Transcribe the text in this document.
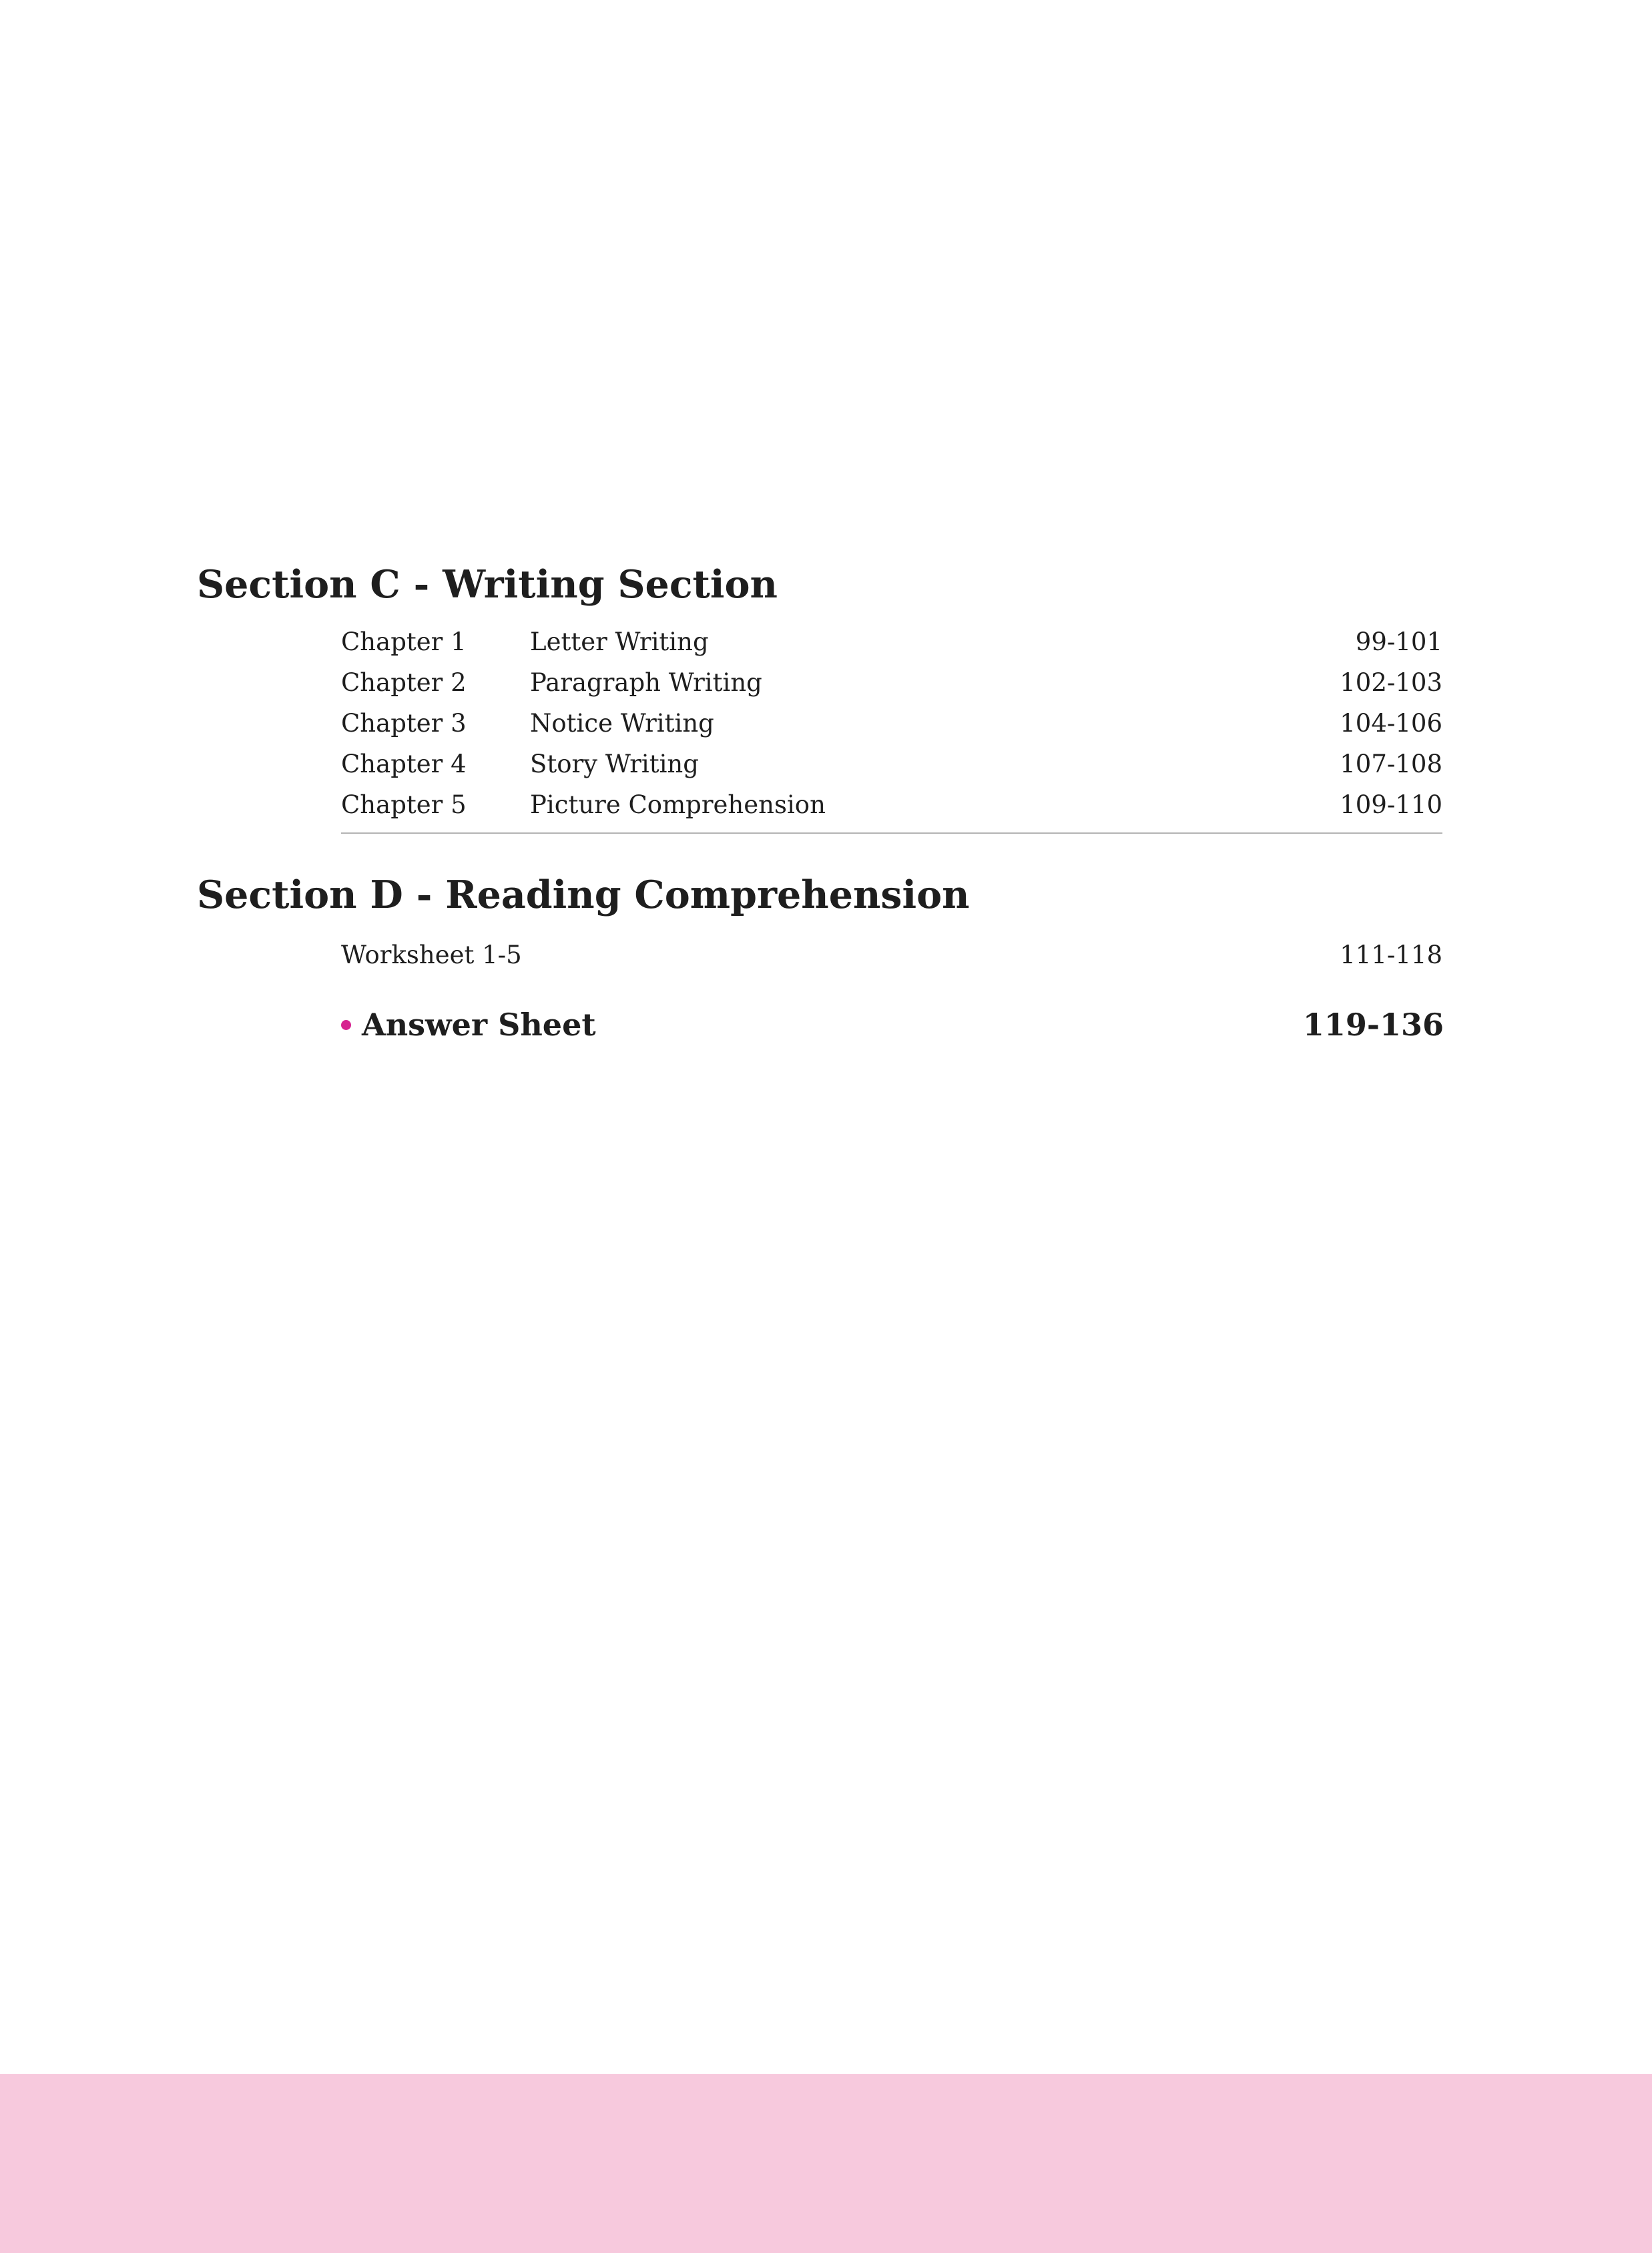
Section C - Writing Section
Chapter 1	Letter Writing	99-101
Chapter 2	Paragraph Writing	102-103
Chapter 3	Notice Writing	104-106
Chapter 4	Story Writing	107-108
Chapter 5	Picture Comprehension	109-110
Section D - Reading Comprehension
Worksheet 1-5	111-118
Answer Sheet	119-136
